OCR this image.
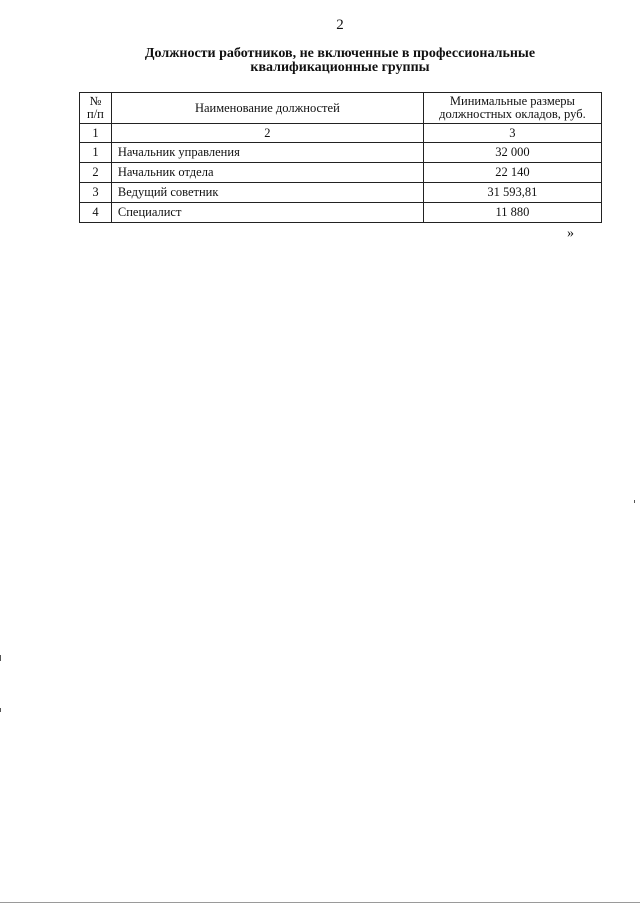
2
Должности работников, не включенные в профессиональные
квалификационные группы
№ п/п	Наименование должностей	Минимальные размеры должностных окладов, руб.
1	2	3
1	Начальник управления	32 000
2	Начальник отдела	22 140
3	Ведущий советник	31 593,81
4	Специалист	11 880
»
